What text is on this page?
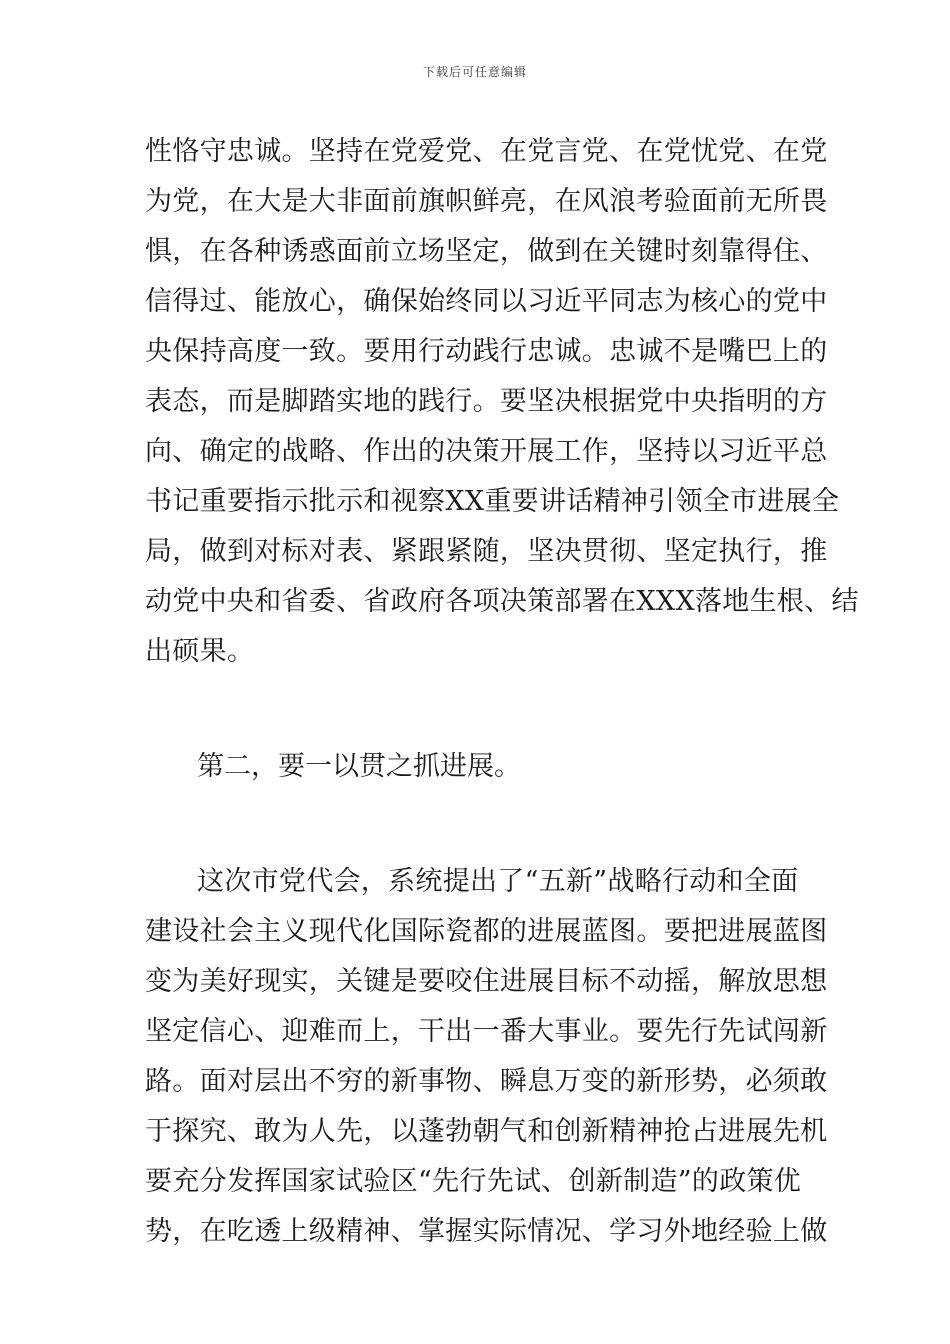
下载后可任意编辑
性恪守忠诚。坚持在党爱党、在党言党、在党忧党、在党
为党，在大是大非面前旗帜鲜亮，在风浪考验面前无所畏
惧，在各种诱惑面前立场坚定，做到在关键时刻靠得住、
信得过、能放心，确保始终同以习近平同志为核心的党中
央保持高度一致。要用行动践行忠诚。忠诚不是嘴巴上的
表态，而是脚踏实地的践行。要坚决根据党中央指明的方
向、确定的战略、作出的决策开展工作，坚持以习近平总
书记重要指示批示和视察XX重要讲话精神引领全市进展全
局，做到对标对表、紧跟紧随，坚决贯彻、坚定执行，推
动党中央和省委、省政府各项决策部署在XXX落地生根、结
出硕果。
第二，要一以贯之抓进展。
这次市党代会，系统提出了“五新”战略行动和全面
建设社会主义现代化国际瓷都的进展蓝图。要把进展蓝图
变为美好现实，关键是要咬住进展目标不动摇，解放思想
坚定信心、迎难而上，干出一番大事业。要先行先试闯新
路。面对层出不穷的新事物、瞬息万变的新形势，必须敢
于探究、敢为人先，以蓬勃朝气和创新精神抢占进展先机
要充分发挥国家试验区“先行先试、创新制造”的政策优
势，在吃透上级精神、掌握实际情况、学习外地经验上做
